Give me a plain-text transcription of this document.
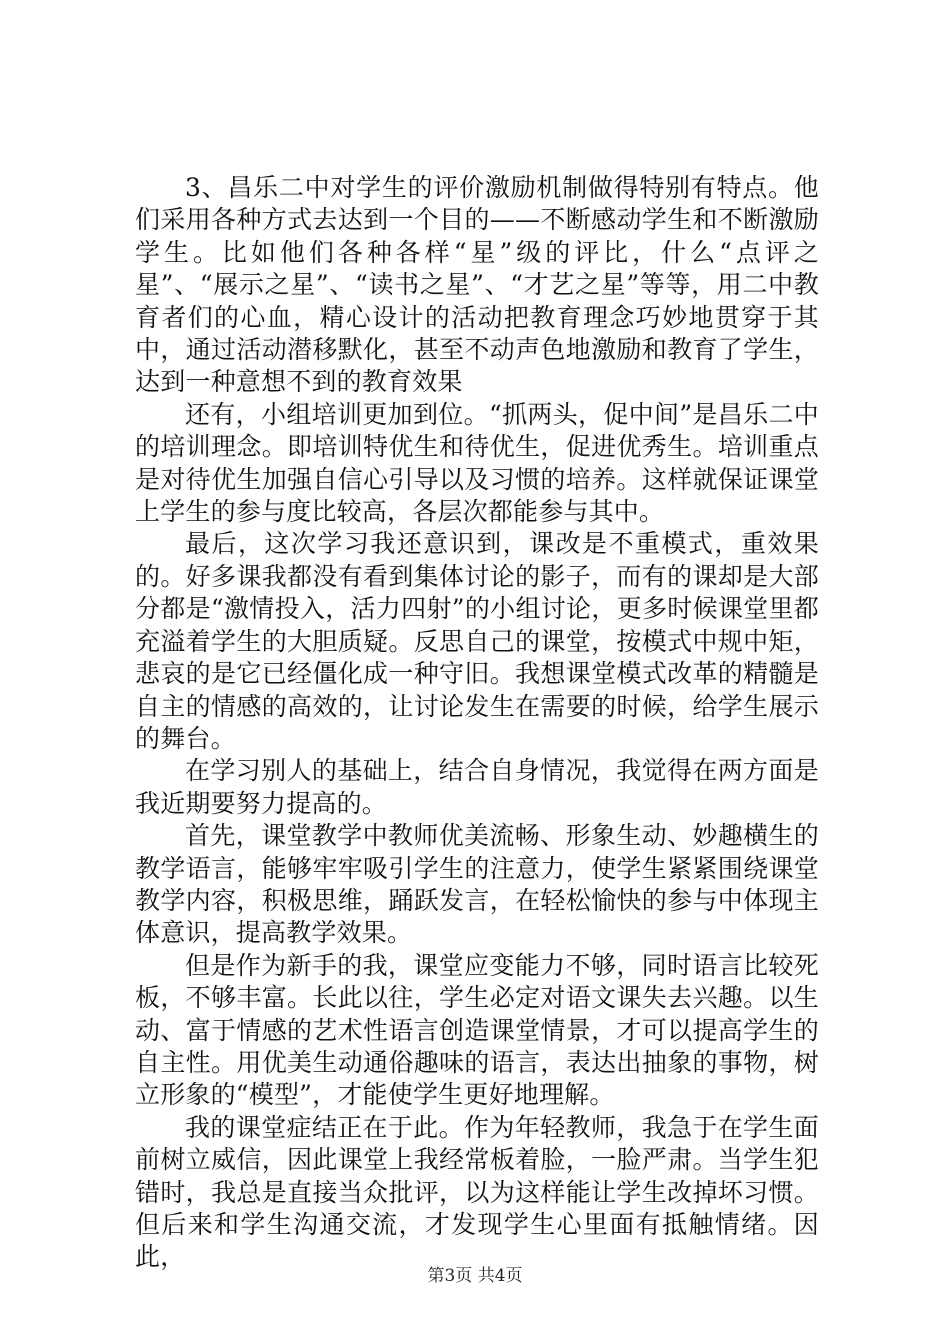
3、昌乐二中对学生的评价激励机制做得特别有特点。他们采用各种方式去达到一个目的——不断感动学生和不断激励学生。比如他们各种各样“星”级的评比，什么“点评之星”、“展示之星”、“读书之星”、“才艺之星”等等，用二中教育者们的心血，精心设计的活动把教育理念巧妙地贯穿于其中，通过活动潜移默化，甚至不动声色地激励和教育了学生，达到一种意想不到的教育效果

还有，小组培训更加到位。“抓两头，促中间”是昌乐二中的培训理念。即培训特优生和待优生，促进优秀生。培训重点是对待优生加强自信心引导以及习惯的培养。这样就保证课堂上学生的参与度比较高，各层次都能参与其中。

最后，这次学习我还意识到，课改是不重模式，重效果的。好多课我都没有看到集体讨论的影子，而有的课却是大部分都是“激情投入，活力四射”的小组讨论，更多时候课堂里都充溢着学生的大胆质疑。反思自己的课堂，按模式中规中矩，悲哀的是它已经僵化成一种守旧。我想课堂模式改革的精髓是自主的情感的高效的，让讨论发生在需要的时候，给学生展示的舞台。

在学习别人的基础上，结合自身情况，我觉得在两方面是我近期要努力提高的。

首先，课堂教学中教师优美流畅、形象生动、妙趣横生的教学语言，能够牢牢吸引学生的注意力，使学生紧紧围绕课堂教学内容，积极思维，踊跃发言，在轻松愉快的参与中体现主体意识，提高教学效果。

但是作为新手的我，课堂应变能力不够，同时语言比较死板，不够丰富。长此以往，学生必定对语文课失去兴趣。以生动、富于情感的艺术性语言创造课堂情景，才可以提高学生的自主性。用优美生动通俗趣味的语言，表达出抽象的事物，树立形象的“模型”，才能使学生更好地理解。

我的课堂症结正在于此。作为年轻教师，我急于在学生面前树立威信，因此课堂上我经常板着脸，一脸严肃。当学生犯错时，我总是直接当众批评，以为这样能让学生改掉坏习惯。但后来和学生沟通交流，才发现学生心里面有抵触情绪。因此，

第3页 共4页
